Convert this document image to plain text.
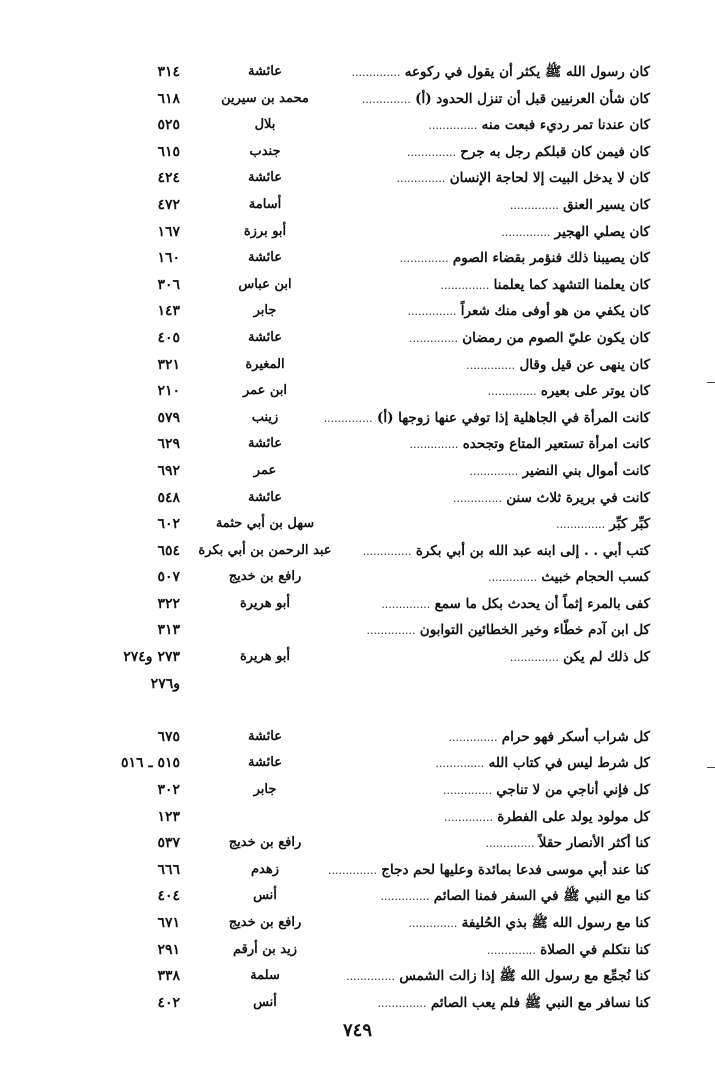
كان رسول الله ﷺ يكثر أن يقول في ركوعه ..............
عائشة
٣١٤
كان شأن العرنيين قبل أن تنزل الحدود (أ) ..............
محمد بن سيرين
٦١٨
كان عندنا تمر رديء فبعت منه ..............
بلال
٥٢٥
كان فيمن كان قبلكم رجل به جرح ..............
جندب
٦١٥
كان لا يدخل البيت إلا لحاجة الإنسان ..............
عائشة
٤٢٤
كان يسير العنق ..............
أسامة
٤٧٢
كان يصلي الهجير ..............
أبو برزة
١٦٧
كان يصيبنا ذلك فنؤمر بقضاء الصوم ..............
عائشة
١٦٠
كان يعلمنا التشهد كما يعلمنا ..............
ابن عباس
٣٠٦
كان يكفي من هو أوفى منك شعراً ..............
جابر
١٤٣
كان يكون عليّ الصوم من رمضان ..............
عائشة
٤٠٥
كان ينهى عن قيل وقال ..............
المغيرة
٣٢١
كان يوتر على بعيره ..............
ابن عمر
٢١٠
كانت المرأة في الجاهلية إذا توفي عنها زوجها (أ) ..............
زينب
٥٧٩
كانت امرأة تستعير المتاع وتجحده ..............
عائشة
٦٢٩
كانت أموال بني النضير ..............
عمر
٦٩٢
كانت في بريرة ثلاث سنن ..............
عائشة
٥٤٨
كبِّر كبِّر ..............
سهل بن أبي حثمة
٦٠٢
كتب أبي . . إلى ابنه عبد الله بن أبي بكرة ..............
عبد الرحمن بن أبي بكرة
٦٥٤
كسب الحجام خبيث ..............
رافع بن خديج
٥٠٧
كفى بالمرء إثماً أن يحدث بكل ما سمع ..............
أبو هريرة
٣٢٢
كل ابن آدم خطّاء وخير الخطائين التوابون ..............
٣١٣
كل ذلك لم يكن ..............
أبو هريرة
٢٧٣ و٢٧٤
و٢٧٦
كل شراب أسكر فهو حرام ..............
عائشة
٦٧٥
كل شرط ليس في كتاب الله ..............
عائشة
٥١٥ ـ ٥١٦
كل فإني أناجي من لا تناجي ..............
جابر
٣٠٢
كل مولود يولد على الفطرة ..............
١٢٣
كنا أكثر الأنصار حقلاً ..............
رافع بن خديج
٥٣٧
كنا عند أبي موسى فدعا بمائدة وعليها لحم دجاج ..............
زهدم
٦٦٦
كنا مع النبي ﷺ في السفر فمنا الصائم ..............
أنس
٤٠٤
كنا مع رسول الله ﷺ بذي الحُليفة ..............
رافع بن خديج
٦٧١
كنا نتكلم في الصلاة ..............
زيد بن أرقم
٢٩١
كنا نُجمِّع مع رسول الله ﷺ إذا زالت الشمس ..............
سلمة
٣٣٨
كنا نسافر مع النبي ﷺ فلم يعب الصائم ..............
أنس
٤٠٢
٧٤٩
